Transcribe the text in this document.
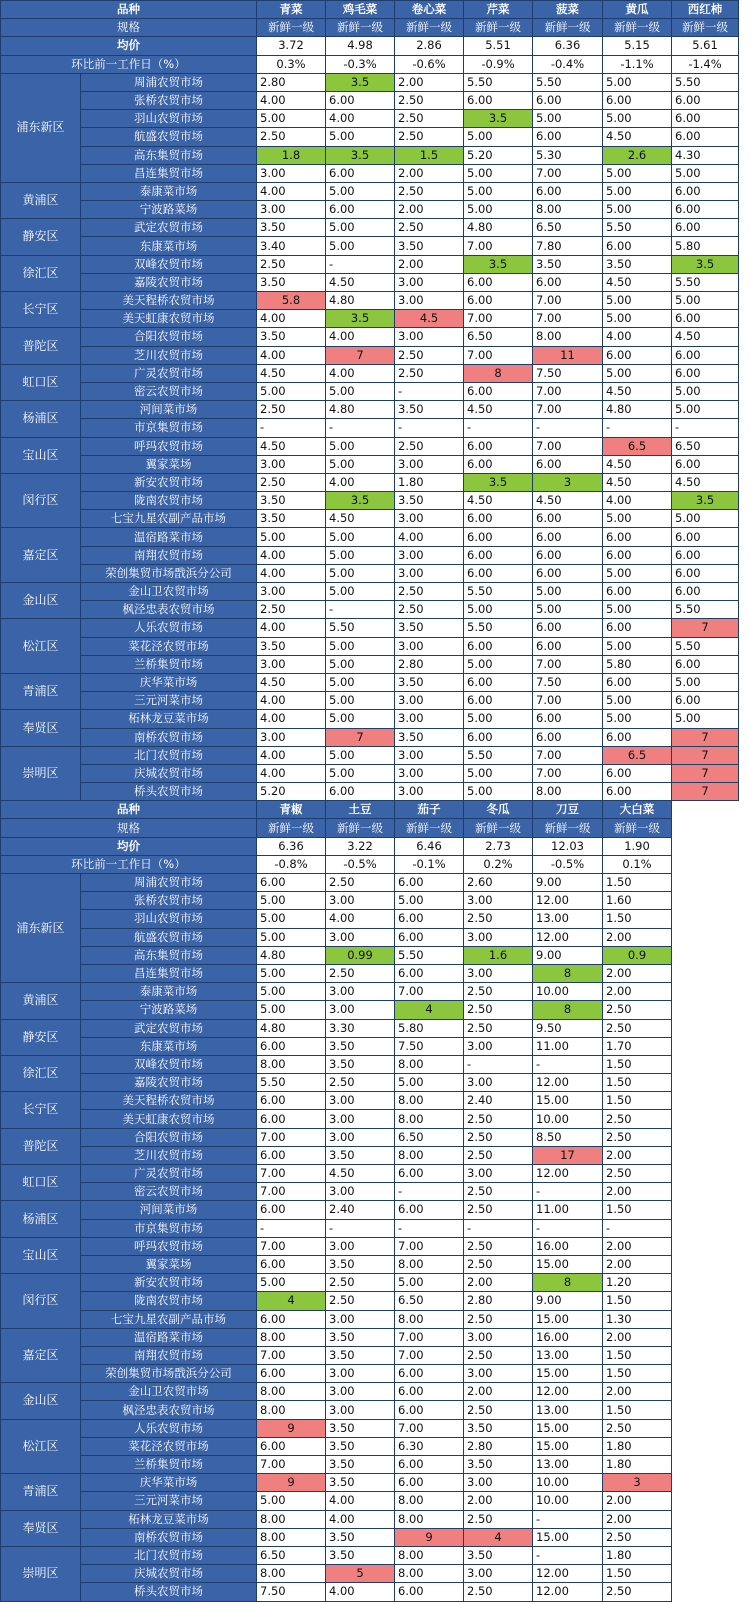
品种		青菜	鸡毛菜	卷心菜	芹菜	菠菜	黄瓜	西红柿
规格		新鲜一级	新鲜一级	新鲜一级	新鲜一级	新鲜一级	新鲜一级	新鲜一级
均价		3.72	4.98	2.86	5.51	6.36	5.15	5.61
环比前一工作日（%）		0.3%	-0.3%	-0.6%	-0.9%	-0.4%	-1.1%	-1.4%
浦东新区	周浦农贸市场	2.80	3.5	2.00	5.50	5.50	5.00	5.50
	张桥农贸市场	4.00	6.00	2.50	6.00	6.00	6.00	6.00
	羽山农贸市场	5.00	4.00	2.50	3.5	5.00	5.00	6.00
	航盛农贸市场	2.50	5.00	2.50	5.00	6.00	4.50	6.00
	高东集贸市场	1.8	3.5	1.5	5.20	5.30	2.6	4.30
	昌连集贸市场	3.00	6.00	2.00	5.00	7.00	5.00	5.00
黄浦区	泰康菜市场	4.00	5.00	2.50	5.00	6.00	5.00	6.00
	宁波路菜场	3.00	6.00	2.00	5.00	8.00	5.00	6.00
静安区	武定农贸市场	3.50	5.00	2.50	4.80	6.50	5.50	6.00
	东康菜市场	3.40	5.00	3.50	7.00	7.80	6.00	5.80
徐汇区	双峰农贸市场	2.50	-	2.00	3.5	3.50	3.50	3.5
	嘉陵农贸市场	3.50	4.50	3.00	6.00	6.00	4.50	5.50
长宁区	美天程桥农贸市场	5.8	4.80	3.00	6.00	7.00	5.00	5.00
	美天虹康农贸市场	4.00	3.5	4.5	7.00	7.00	5.00	6.00
普陀区	合阳农贸市场	3.50	4.00	3.00	6.50	8.00	4.00	4.50
	芝川农贸市场	4.00	7	2.50	7.00	11	6.00	6.00
虹口区	广灵农贸市场	4.50	4.00	2.50	8	7.50	5.00	6.00
	密云农贸市场	5.00	5.00	-	6.00	7.00	4.50	5.00
杨浦区	河间菜市场	2.50	4.80	3.50	4.50	7.00	4.80	5.00
	市京集贸市场	-	-	-	-	-	-	-
宝山区	呼玛农贸市场	4.50	5.00	2.50	6.00	7.00	6.5	6.50
	翼家菜场	3.00	5.00	3.00	6.00	6.00	4.50	6.00
闵行区	新安农贸市场	2.50	4.00	1.80	3.5	3	4.50	4.50
	陇南农贸市场	3.50	3.5	3.50	4.50	4.50	4.00	3.5
	七宝九星农副产品市场	3.50	4.50	3.00	6.00	6.00	5.00	5.00
嘉定区	温宿路菜市场	5.00	5.00	4.00	6.00	6.00	6.00	6.00
	南翔农贸市场	4.00	5.00	3.00	6.00	6.00	6.00	6.00
	荣创集贸市场戬浜分公司	4.00	5.00	3.00	6.00	6.00	5.00	6.00
金山区	金山卫农贸市场	3.00	5.00	2.50	5.50	5.00	6.00	6.00
	枫泾忠表农贸市场	2.50	-	2.50	5.00	5.00	5.00	5.50
松江区	人乐农贸市场	4.00	5.50	3.50	5.50	6.00	6.00	7
	菜花泾农贸市场	3.50	5.00	3.00	6.00	6.00	5.00	5.50
	兰桥集贸市场	3.00	5.00	2.80	5.00	7.00	5.80	6.00
青浦区	庆华菜市场	4.50	5.00	3.50	6.00	7.50	6.00	5.00
	三元河菜市场	4.00	5.00	3.00	6.00	7.00	5.00	6.00
奉贤区	柘林龙豆菜市场	4.00	5.00	3.00	5.00	6.00	5.00	5.00
	南桥农贸市场	3.00	7	3.50	6.00	6.00	6.00	7
崇明区	北门农贸市场	4.00	5.00	3.00	5.50	7.00	6.5	7
	庆城农贸市场	4.00	5.00	3.00	5.00	7.00	6.00	7
	桥头农贸市场	5.20	6.00	3.00	5.00	8.00	6.00	7
品种		青椒	土豆	茄子	冬瓜	刀豆	大白菜	
规格		新鲜一级	新鲜一级	新鲜一级	新鲜一级	新鲜一级	新鲜一级	
均价		6.36	3.22	6.46	2.73	12.03	1.90	
环比前一工作日（%）		-0.8%	-0.5%	-0.1%	0.2%	-0.5%	0.1%	
浦东新区	周浦农贸市场	6.00	2.50	6.00	2.60	9.00	1.50	
	张桥农贸市场	5.00	3.00	5.00	3.00	12.00	1.60	
	羽山农贸市场	5.00	4.00	6.00	2.50	13.00	1.50	
	航盛农贸市场	5.00	3.00	6.00	3.00	12.00	2.00	
	高东集贸市场	4.80	0.99	5.50	1.6	9.00	0.9	
	昌连集贸市场	5.00	2.50	6.00	3.00	8	2.00	
黄浦区	泰康菜市场	5.00	3.00	7.00	2.50	10.00	2.00	
	宁波路菜场	5.00	3.00	4	2.50	8	2.50	
静安区	武定农贸市场	4.80	3.30	5.80	2.50	9.50	2.50	
	东康菜市场	6.00	3.50	7.50	3.00	11.00	1.70	
徐汇区	双峰农贸市场	8.00	3.50	8.00	-	-	1.50	
	嘉陵农贸市场	5.50	2.50	5.00	3.00	12.00	1.50	
长宁区	美天程桥农贸市场	6.00	3.00	8.00	2.40	15.00	1.50	
	美天虹康农贸市场	6.00	3.00	8.00	2.50	10.00	2.50	
普陀区	合阳农贸市场	7.00	3.00	6.50	2.50	8.50	2.50	
	芝川农贸市场	6.00	3.50	8.00	2.50	17	2.00	
虹口区	广灵农贸市场	7.00	4.50	6.00	3.00	12.00	2.50	
	密云农贸市场	7.00	3.00	-	2.50	-	2.00	
杨浦区	河间菜市场	6.00	2.40	6.00	2.50	11.00	1.50	
	市京集贸市场	-	-	-	-	-	-	
宝山区	呼玛农贸市场	7.00	3.00	7.00	2.50	16.00	2.00	
	翼家菜场	6.00	3.50	8.00	2.50	15.00	2.00	
闵行区	新安农贸市场	5.00	2.50	5.00	2.00	8	1.20	
	陇南农贸市场	4	2.50	6.50	2.80	9.00	1.50	
	七宝九星农副产品市场	6.00	3.00	8.00	2.50	15.00	1.30	
嘉定区	温宿路菜市场	8.00	3.50	7.00	3.00	16.00	2.00	
	南翔农贸市场	7.00	3.50	7.00	2.50	13.00	1.50	
	荣创集贸市场戬浜分公司	6.00	3.00	6.00	3.00	15.00	1.50	
金山区	金山卫农贸市场	8.00	3.00	6.00	2.00	12.00	2.00	
	枫泾忠表农贸市场	8.00	3.00	6.00	2.50	13.00	1.50	
松江区	人乐农贸市场	9	3.50	7.00	3.50	15.00	2.50	
	菜花泾农贸市场	6.00	3.50	6.30	2.80	15.00	1.80	
	兰桥集贸市场	7.00	3.50	6.00	3.50	13.00	1.80	
青浦区	庆华菜市场	9	3.50	6.00	3.00	10.00	3	
	三元河菜市场	5.00	4.00	8.00	2.00	10.00	2.00	
奉贤区	柘林龙豆菜市场	8.00	4.00	8.00	2.50	-	2.00	
	南桥农贸市场	8.00	3.50	9	4	15.00	2.50	
崇明区	北门农贸市场	6.50	3.50	8.00	3.50	-	1.80	
	庆城农贸市场	8.00	5	8.00	3.00	12.00	1.50	
	桥头农贸市场	7.50	4.00	6.00	2.50	12.00	2.50	
